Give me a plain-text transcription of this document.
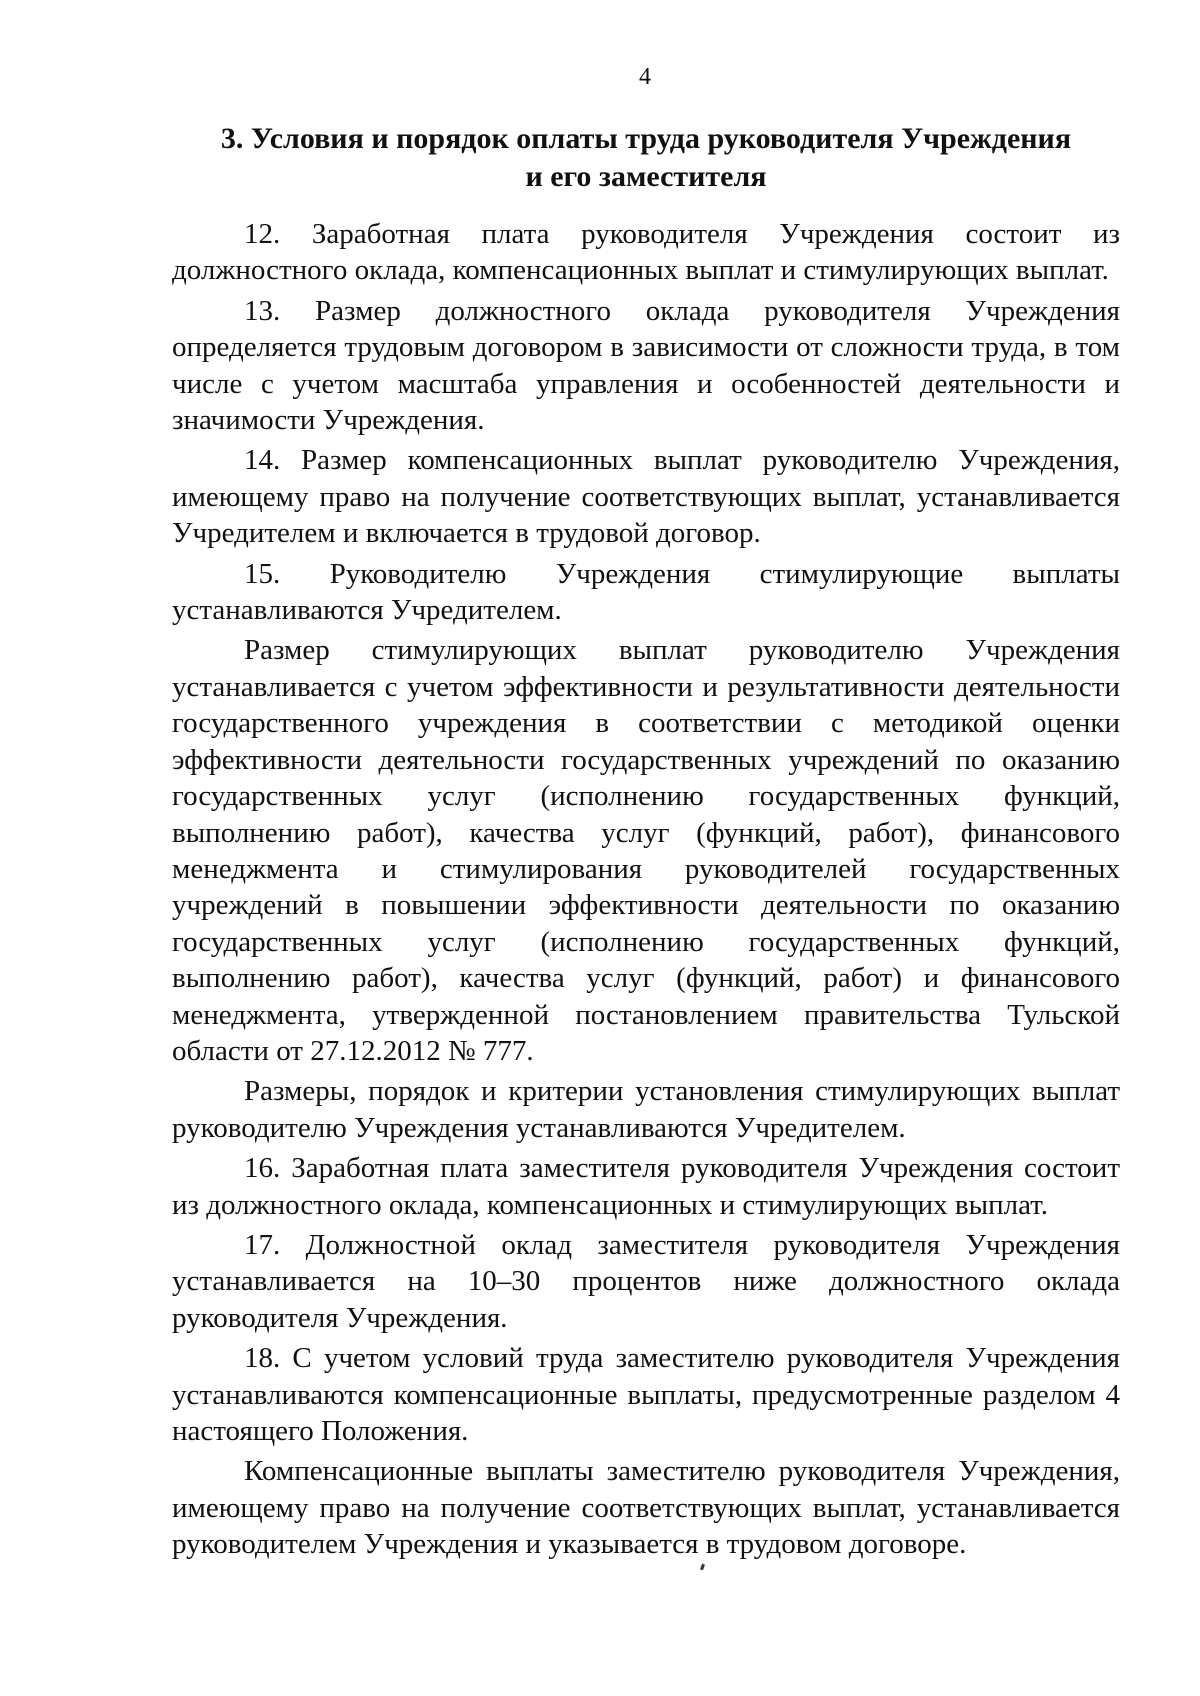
4
3. Условия и порядок оплаты труда руководителя Учреждения
и его заместителя

12. Заработная плата руководителя Учреждения состоит из должностного оклада, компенсационных выплат и стимулирующих выплат.

13. Размер должностного оклада руководителя Учреждения определяется трудовым договором в зависимости от сложности труда, в том числе с учетом масштаба управления и особенностей деятельности и значимости Учреждения.

14. Размер компенсационных выплат руководителю Учреждения, имеющему право на получение соответствующих выплат, устанавливается Учредителем и включается в трудовой договор.

15. Руководителю Учреждения стимулирующие выплаты устанавливаются Учредителем.

Размер стимулирующих выплат руководителю Учреждения устанавливается с учетом эффективности и результативности деятельности государственного учреждения в соответствии с методикой оценки эффективности деятельности государственных учреждений по оказанию государственных услуг (исполнению государственных функций, выполнению работ), качества услуг (функций, работ), финансового менеджмента и стимулирования руководителей государственных учреждений в повышении эффективности деятельности по оказанию государственных услуг (исполнению государственных функций, выполнению работ), качества услуг (функций, работ) и финансового менеджмента, утвержденной постановлением правительства Тульской области от 27.12.2012 № 777.

Размеры, порядок и критерии установления стимулирующих выплат руководителю Учреждения устанавливаются Учредителем.

16. Заработная плата заместителя руководителя Учреждения состоит из должностного оклада, компенсационных и стимулирующих выплат.

17. Должностной оклад заместителя руководителя Учреждения устанавливается на 10–30 процентов ниже должностного оклада руководителя Учреждения.

18. С учетом условий труда заместителю руководителя Учреждения устанавливаются компенсационные выплаты, предусмотренные разделом 4 настоящего Положения.

Компенсационные выплаты заместителю руководителя Учреждения, имеющему право на получение соответствующих выплат, устанавливается руководителем Учреждения и указывается в трудовом договоре.
